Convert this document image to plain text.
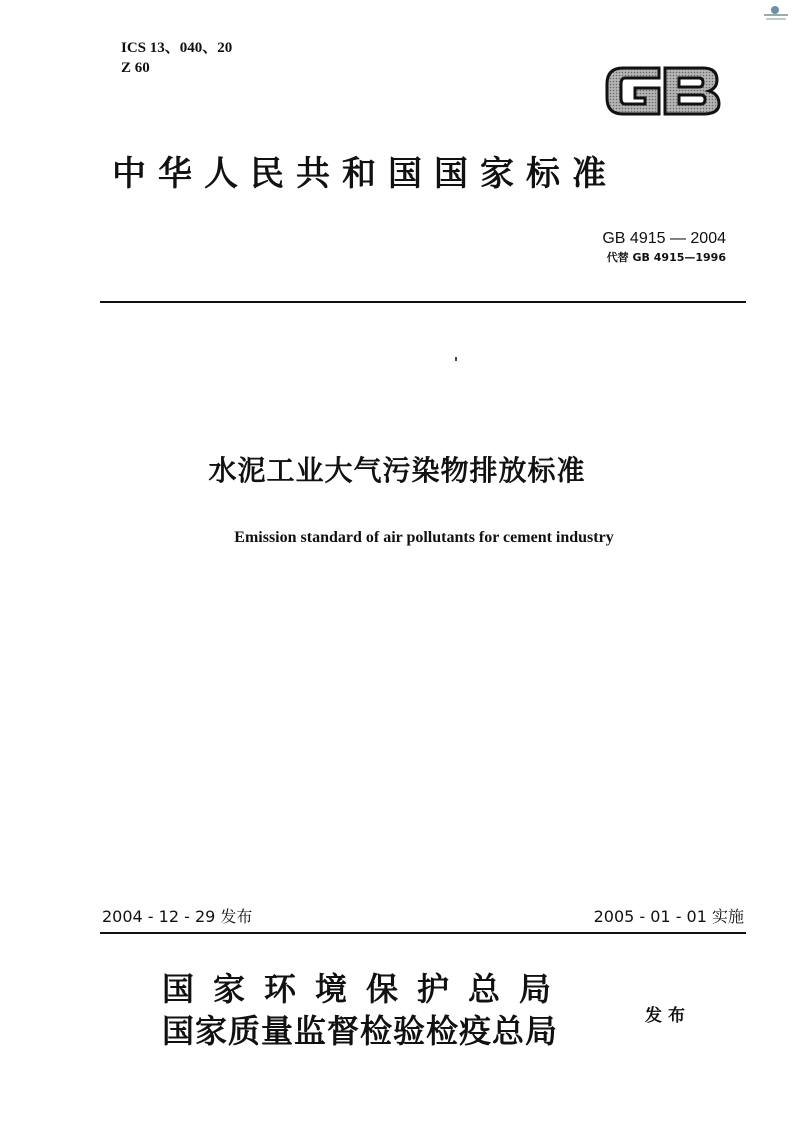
ICS 13、040、20
Z 60
中华人民共和国国家标准
GB 4915 — 2004
代替 GB 4915—1996
水泥工业大气污染物排放标准
Emission standard of air pollutants for cement industry
2004 - 12 - 29 发布	2005 - 01 - 01 实施
国家环境保护总局
国家质量监督检验检疫总局	发布
